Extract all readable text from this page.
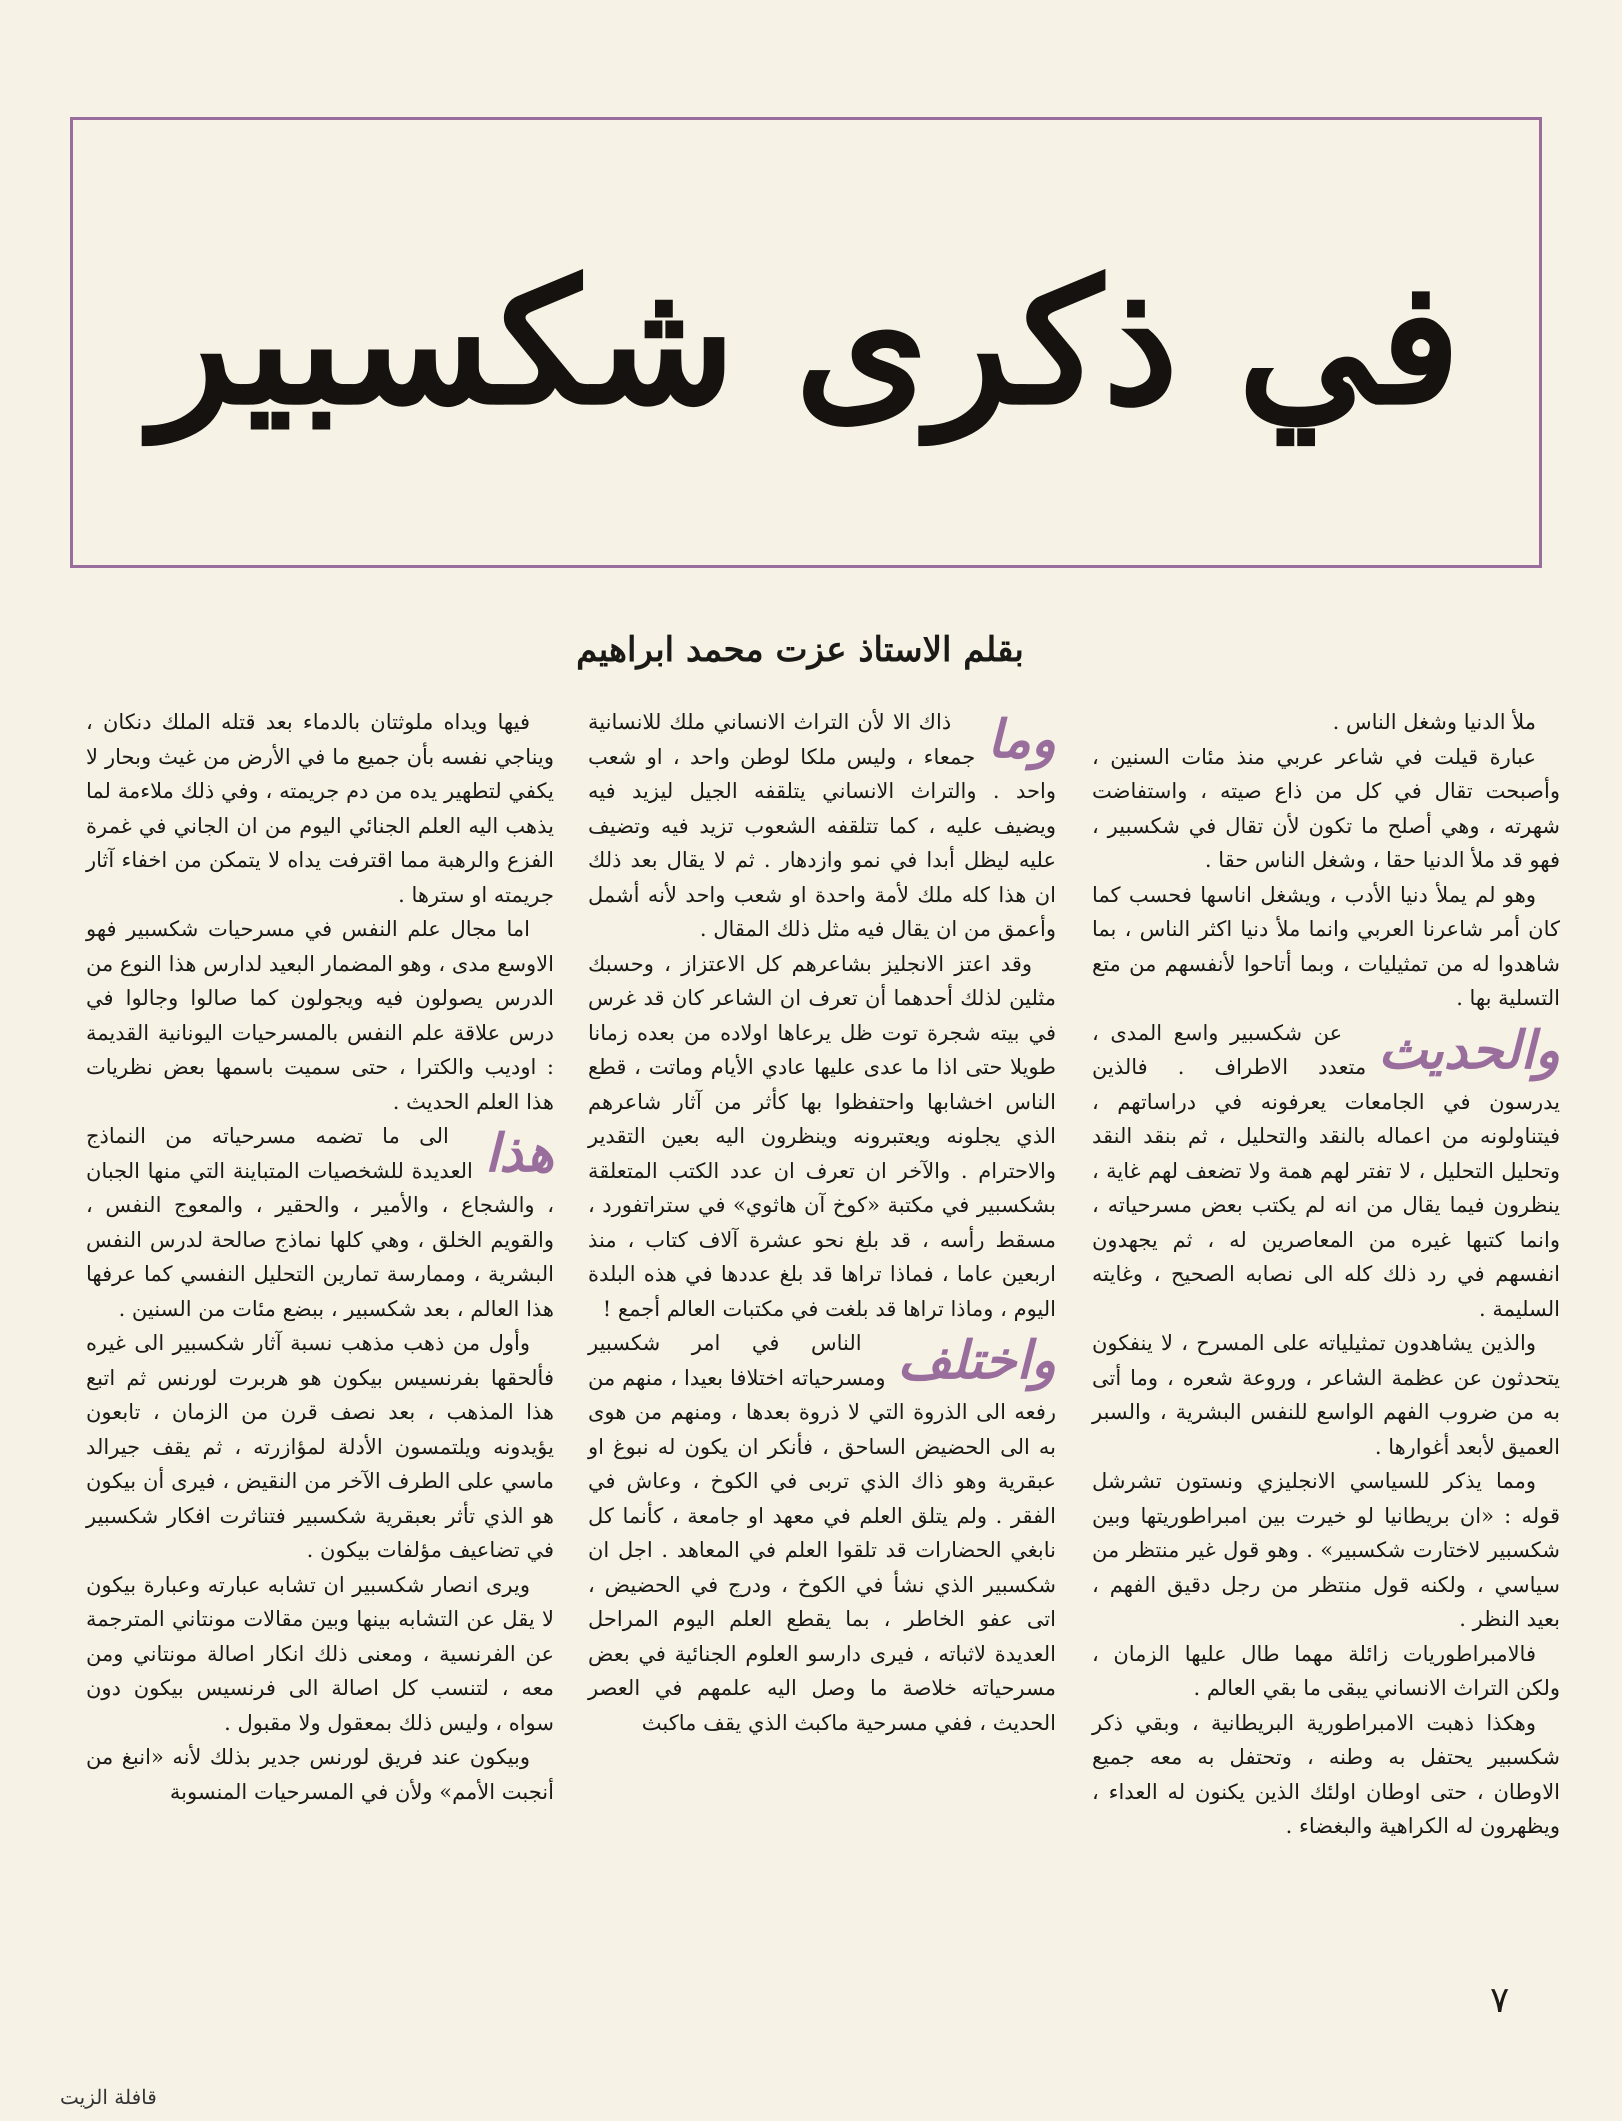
في ذكرى شكسبير
بقلم الاستاذ عزت محمد ابراهيم

ملأ الدنيا وشغل الناس .

عبارة قيلت في شاعر عربي منذ مئات السنين ، وأصبحت تقال في كل من ذاع صيته ، واستفاضت شهرته ، وهي أصلح ما تكون لأن تقال في شكسبير ، فهو قد ملأ الدنيا حقا ، وشغل الناس حقا .

وهو لم يملأ دنيا الأدب ، ويشغل اناسها فحسب كما كان أمر شاعرنا العربي وانما ملأ دنيا اكثر الناس ، بما شاهدوا له من تمثيليات ، وبما أتاحوا لأنفسهم من متع التسلية بها .

والحديث

عن شكسبير واسع المدى ، متعدد الاطراف . فالذين يدرسون في الجامعات يعرفونه في دراساتهم ، فيتناولونه من اعماله بالنقد والتحليل ، ثم بنقد النقد وتحليل التحليل ، لا تفتر لهم همة ولا تضعف لهم غاية ، ينظرون فيما يقال من انه لم يكتب بعض مسرحياته ، وانما كتبها غيره من المعاصرين له ، ثم يجهدون انفسهم في رد ذلك كله الى نصابه الصحيح ، وغايته السليمة .

والذين يشاهدون تمثيلياته على المسرح ، لا ينفكون يتحدثون عن عظمة الشاعر ، وروعة شعره ، وما أتى به من ضروب الفهم الواسع للنفس البشرية ، والسبر العميق لأبعد أغوارها .

ومما يذكر للسياسي الانجليزي ونستون تشرشل قوله : «ان بريطانيا لو خيرت بين امبراطوريتها وبين شكسبير لاختارت شكسبير» . وهو قول غير منتظر من سياسي ، ولكنه قول منتظر من رجل دقيق الفهم ، بعيد النظر .

فالامبراطوريات زائلة مهما طال عليها الزمان ، ولكن التراث الانساني يبقى ما بقي العالم .

وهكذا ذهبت الامبراطورية البريطانية ، وبقي ذكر شكسبير يحتفل به وطنه ، وتحتفل به معه جميع الاوطان ، حتى اوطان اولئك الذين يكنون له العداء ، ويظهرون له الكراهية والبغضاء .

وما

ذاك الا لأن التراث الانساني ملك للانسانية جمعاء ، وليس ملكا لوطن واحد ، او شعب واحد . والتراث الانساني يتلقفه الجيل ليزيد فيه ويضيف عليه ، كما تتلقفه الشعوب تزيد فيه وتضيف عليه ليظل أبدا في نمو وازدهار . ثم لا يقال بعد ذلك ان هذا كله ملك لأمة واحدة او شعب واحد لأنه أشمل وأعمق من ان يقال فيه مثل ذلك المقال .

وقد اعتز الانجليز بشاعرهم كل الاعتزاز ، وحسبك مثلين لذلك أحدهما أن تعرف ان الشاعر كان قد غرس في بيته شجرة توت ظل يرعاها اولاده من بعده زمانا طويلا حتى اذا ما عدى عليها عادي الأيام وماتت ، قطع الناس اخشابها واحتفظوا بها كأثر من آثار شاعرهم الذي يجلونه ويعتبرونه وينظرون اليه بعين التقدير والاحترام . والآخر ان تعرف ان عدد الكتب المتعلقة بشكسبير في مكتبة «كوخ آن هاثوي» في ستراتفورد ، مسقط رأسه ، قد بلغ نحو عشرة آلاف كتاب ، منذ اربعين عاما ، فماذا تراها قد بلغ عددها في هذه البلدة اليوم ، وماذا تراها قد بلغت في مكتبات العالم أجمع !

واختلف

الناس في امر شكسبير ومسرحياته اختلافا بعيدا ، منهم من رفعه الى الذروة التي لا ذروة بعدها ، ومنهم من هوى به الى الحضيض الساحق ، فأنكر ان يكون له نبوغ او عبقرية وهو ذاك الذي تربى في الكوخ ، وعاش في الفقر . ولم يتلق العلم في معهد او جامعة ، كأنما كل نابغي الحضارات قد تلقوا العلم في المعاهد . اجل ان شكسبير الذي نشأ في الكوخ ، ودرج في الحضيض ، اتى عفو الخاطر ، بما يقطع العلم اليوم المراحل العديدة لاثباته ، فيرى دارسو العلوم الجنائية في بعض مسرحياته خلاصة ما وصل اليه علمهم في العصر الحديث ، ففي مسرحية ماكبث الذي يقف ماكبث

فيها ويداه ملوثتان بالدماء بعد قتله الملك دنكان ، ويناجي نفسه بأن جميع ما في الأرض من غيث وبحار لا يكفي لتطهير يده من دم جريمته ، وفي ذلك ملاءمة لما يذهب اليه العلم الجنائي اليوم من ان الجاني في غمرة الفزع والرهبة مما اقترفت يداه لا يتمكن من اخفاء آثار جريمته او سترها .

اما مجال علم النفس في مسرحيات شكسبير فهو الاوسع مدى ، وهو المضمار البعيد لدارس هذا النوع من الدرس يصولون فيه ويجولون كما صالوا وجالوا في درس علاقة علم النفس بالمسرحيات اليونانية القديمة : اوديب والكترا ، حتى سميت باسمها بعض نظريات هذا العلم الحديث .

هذا

الى ما تضمه مسرحياته من النماذج العديدة للشخصيات المتباينة التي منها الجبان ، والشجاع ، والأمير ، والحقير ، والمعوج النفس ، والقويم الخلق ، وهي كلها نماذج صالحة لدرس النفس البشرية ، وممارسة تمارين التحليل النفسي كما عرفها هذا العالم ، بعد شكسبير ، ببضع مئات من السنين .

وأول من ذهب مذهب نسبة آثار شكسبير الى غيره فألحقها بفرنسيس بيكون هو هربرت لورنس ثم اتبع هذا المذهب ، بعد نصف قرن من الزمان ، تابعون يؤيدونه ويلتمسون الأدلة لمؤازرته ، ثم يقف جيرالد ماسي على الطرف الآخر من النقيض ، فيرى أن بيكون هو الذي تأثر بعبقرية شكسبير فتناثرت افكار شكسبير في تضاعيف مؤلفات بيكون .

ويرى انصار شكسبير ان تشابه عبارته وعبارة بيكون لا يقل عن التشابه بينها وبين مقالات مونتاني المترجمة عن الفرنسية ، ومعنى ذلك انكار اصالة مونتاني ومن معه ، لتنسب كل اصالة الى فرنسيس بيكون دون سواه ، وليس ذلك بمعقول ولا مقبول .

وبيكون عند فريق لورنس جدير بذلك لأنه «انبغ من أنجبت الأمم» ولأن في المسرحيات المنسوبة

٧
قافلة الزيت
